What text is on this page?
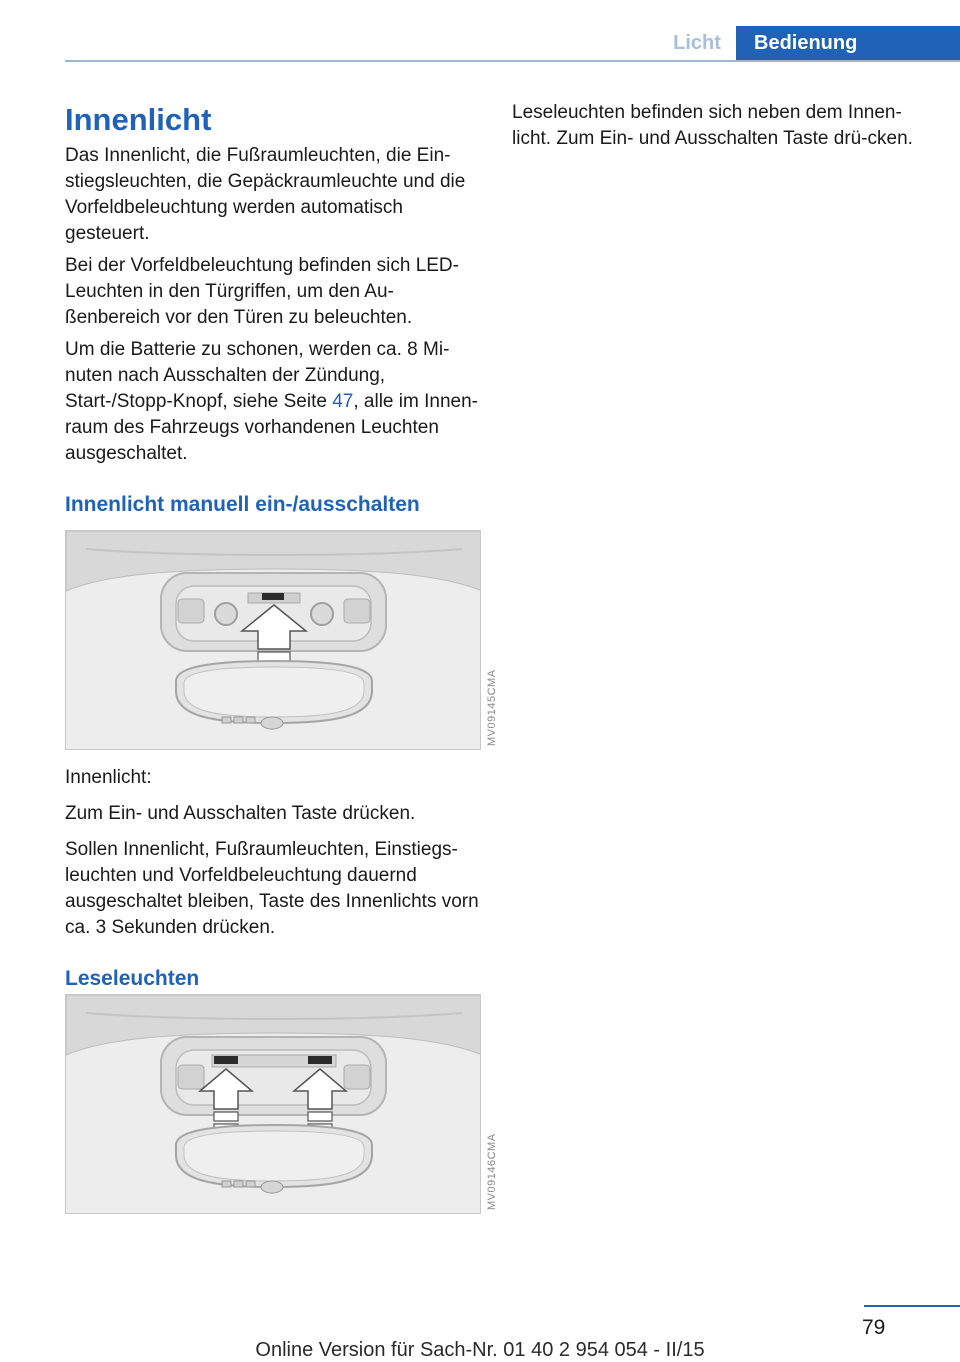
Licht	Bedienung
Innenlicht

Das Innenlicht, die Fußraumleuchten, die Ein-stiegsleuchten, die Gepäckraumleuchte und die Vorfeldbeleuchtung werden automatisch gesteuert.

Bei der Vorfeldbeleuchtung befinden sich LED-Leuchten in den Türgriffen, um den Au-ßenbereich vor den Türen zu beleuchten.

Um die Batterie zu schonen, werden ca. 8 Mi-nuten nach Ausschalten der Zündung, Start-/Stopp-Knopf, siehe Seite 47, alle im Innen-raum des Fahrzeugs vorhandenen Leuchten ausgeschaltet.

Innenlicht manuell ein-/ausschalten
MV09145CMA

Innenlicht:

Zum Ein- und Ausschalten Taste drücken.

Sollen Innenlicht, Fußraumleuchten, Einstiegs-leuchten und Vorfeldbeleuchtung dauernd ausgeschaltet bleiben, Taste des Innenlichts vorn ca. 3 Sekunden drücken.

Leseleuchten
MV09146CMA

Leseleuchten befinden sich neben dem Innen-licht. Zum Ein- und Ausschalten Taste drü-cken.

79
Online Version für Sach-Nr. 01 40 2 954 054 - II/15
